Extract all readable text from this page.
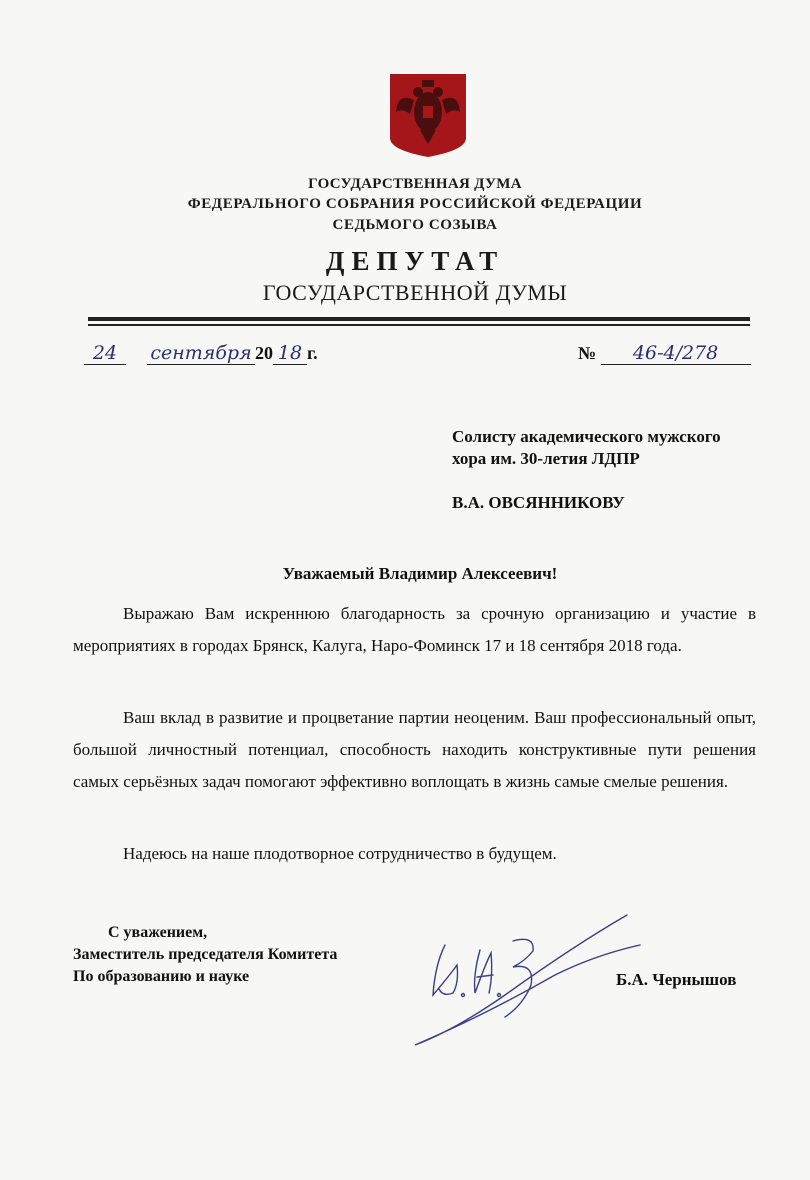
ГОСУДАРСТВЕННАЯ ДУМА
ФЕДЕРАЛЬНОГО СОБРАНИЯ РОССИЙСКОЙ ФЕДЕРАЦИИ
СЕДЬМОГО СОЗЫВА
ДЕПУТАТ
ГОСУДАРСТВЕННОЙ ДУМЫ
24 сентября 20 18 г.	№ 46-4/278
Солисту академического мужского
хора им. 30-летия ЛДПР
В.А. ОВСЯННИКОВУ
Уважаемый Владимир Алексеевич!
Выражаю Вам искреннюю благодарность за срочную организацию и участие в мероприятиях в городах Брянск, Калуга, Наро-Фоминск 17 и 18 сентября 2018 года.
Ваш вклад в развитие и процветание партии неоценим. Ваш профессиональный опыт, большой личностный потенциал, способность находить конструктивные пути решения самых серьёзных задач помогают эффективно воплощать в жизнь самые смелые решения.
Надеюсь на наше плодотворное сотрудничество в будущем.
С уважением,
Заместитель председателя Комитета
По образованию и науке	Б.А. Чернышов
